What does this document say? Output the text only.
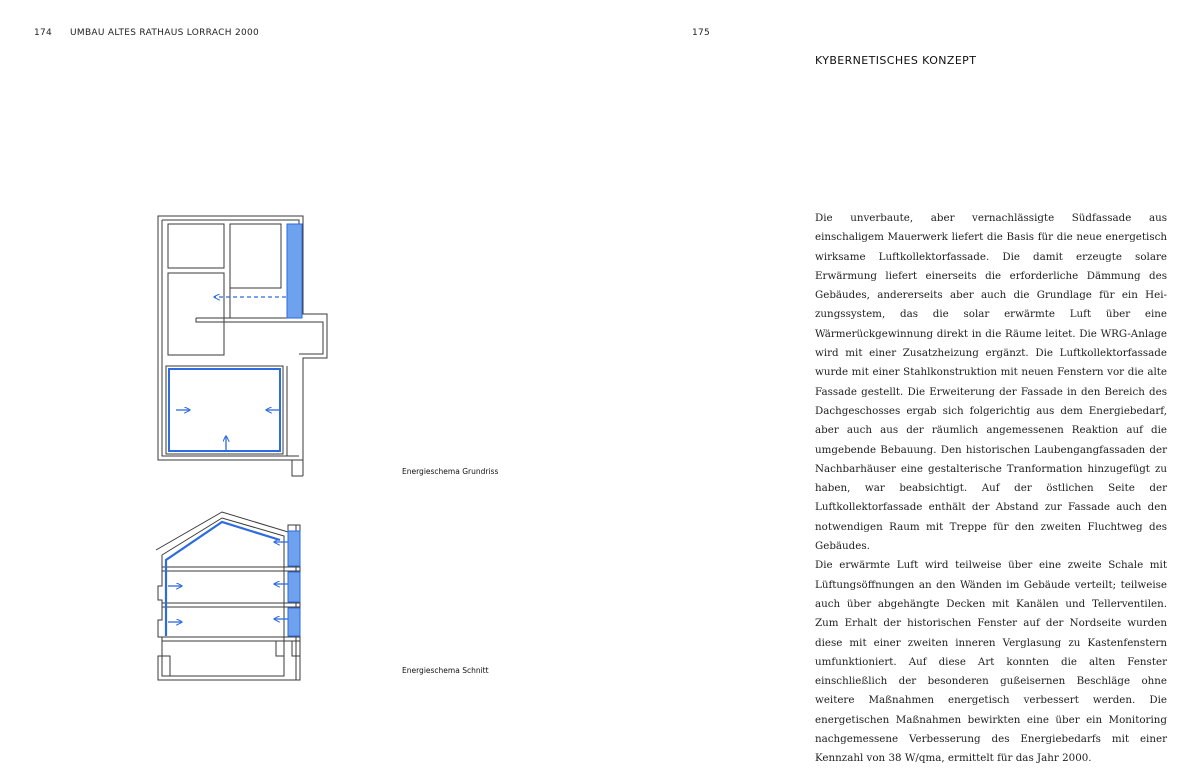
174 UMBAU ALTES RATHAUS LORRACH 2000	175
KYBERNETISCHES KONZEPT

Die unverbaute, aber vernachlässigte Südfassade aus einschaligem Mauerwerk liefert die Basis für die neue energetisch wirksame Luftkollektorfassade. Die damit erzeugte solare Erwärmung liefert einerseits die erforderliche Dämmung des Gebäudes, andererseits aber auch die Grundlage für ein Heizungssystem, das die solar erwärmte Luft über eine Wärmerückgewinnung direkt in die Räume leitet. Die WRG-Anlage wird mit einer Zusatzheizung ergänzt. Die Luftkollektorfassade wurde mit einer Stahlkonstruktion mit neuen Fenstern vor die alte Fassade gestellt. Die Erweiterung der Fassade in den Bereich des Dachgeschosses ergab sich folgerichtig aus dem Energiebedarf, aber auch aus der räumlich angemessenen Reaktion auf die umgebende Bebauung. Den historischen Laubengangfassaden der Nachbarhäuser eine gestalterische Tranformation hinzugefügt zu haben, war beabsichtigt. Auf der östlichen Seite der Luftkollektorfassade enthält der Abstand zur Fassade auch den notwendigen Raum mit Treppe für den zweiten Fluchtweg des Gebäudes.

Die erwärmte Luft wird teilweise über eine zweite Schale mit Lüftungsöffnungen an den Wänden im Gebäude verteilt; teilweise auch über abgehängte Decken mit Kanälen und Tellerventilen. Zum Erhalt der historischen Fenster auf der Nordseite wurden diese mit einer zweiten inneren Verglasung zu Kastenfenstern umfunktioniert. Auf diese Art konnten die alten Fenster einschließlich der besonderen gußeisernen Beschläge ohne weitere Maßnahmen energetisch verbessert werden. Die energetischen Maßnahmen bewirkten eine über ein Monitoring nachgemessene Verbesserung des Energiebedarfs mit einer Kennzahl von 38 W/qma, ermittelt für das Jahr 2000.

Energieschema Grundriss
Energieschema Schnitt
